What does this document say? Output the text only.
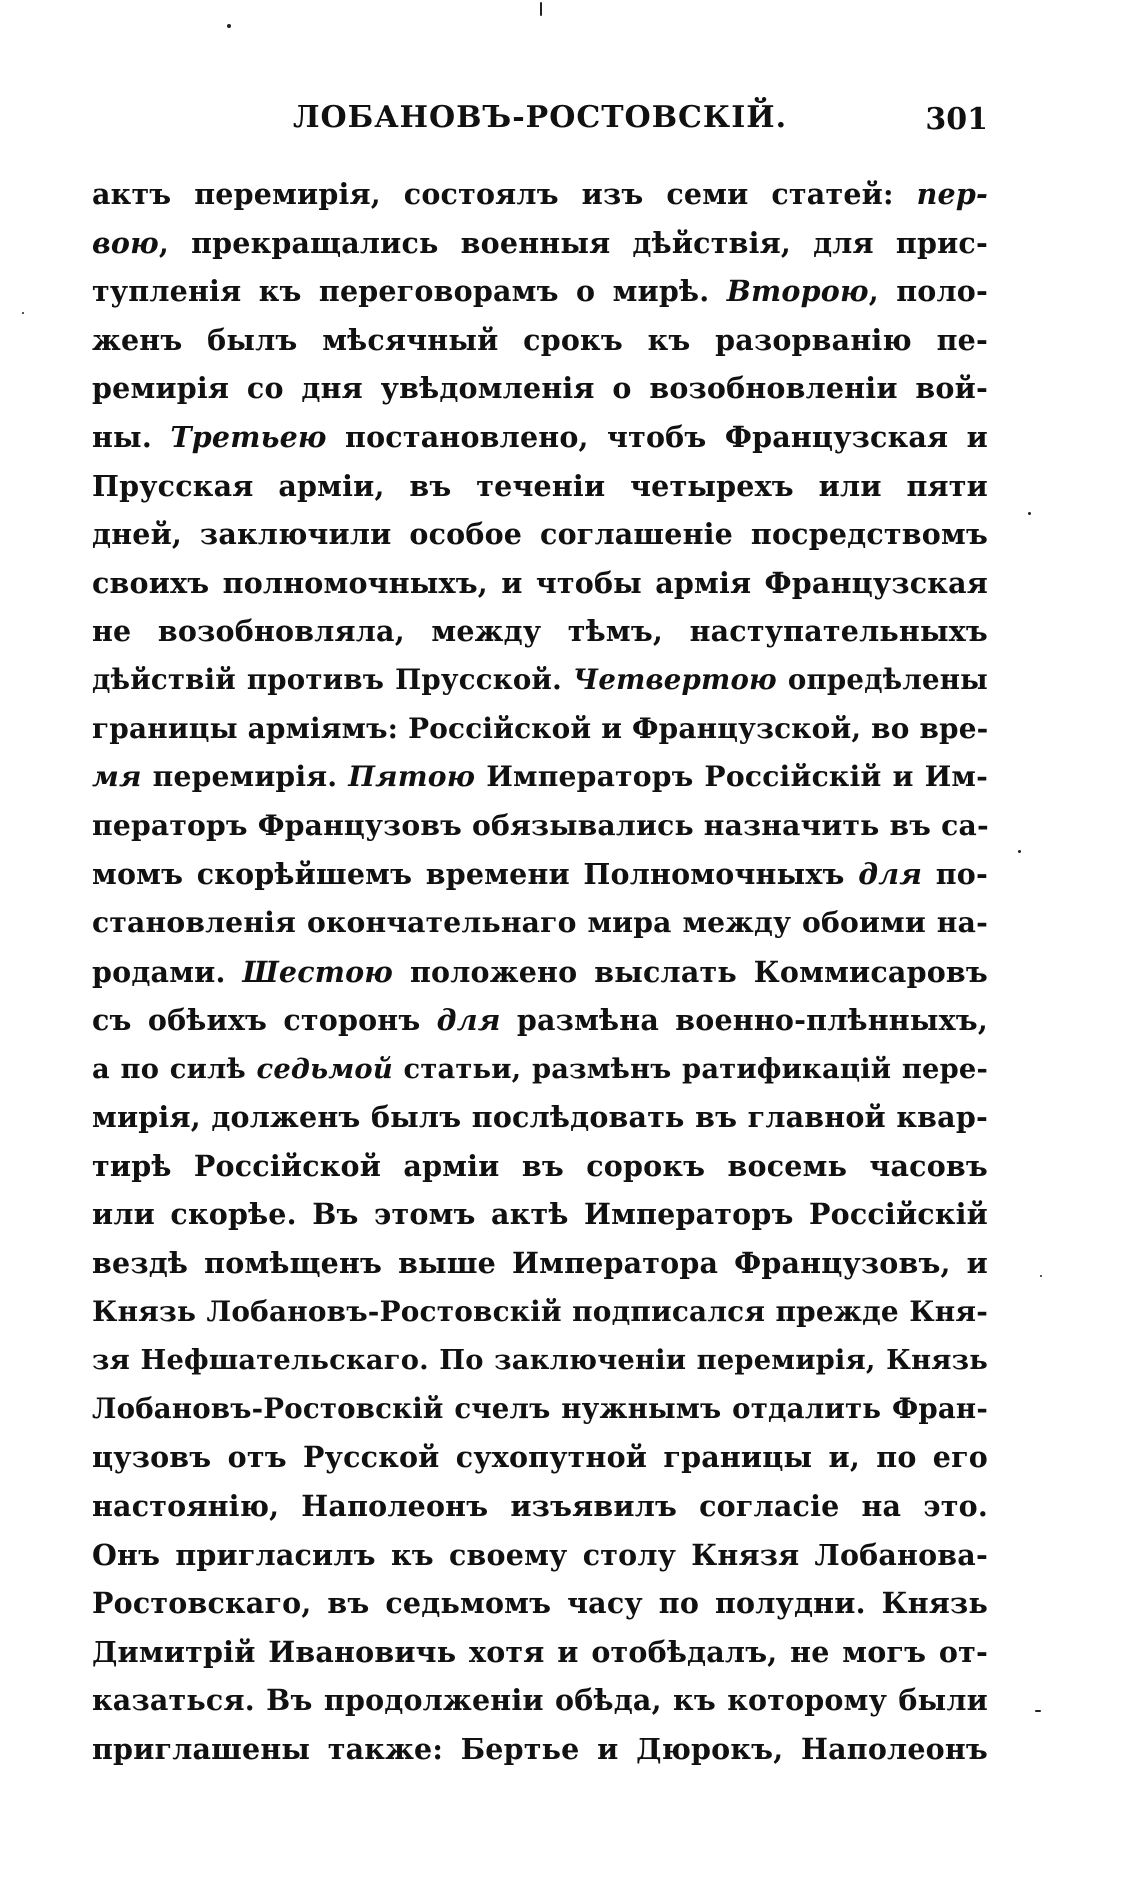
ЛОБАНОВЪ-РОСТОВСКІЙ.	301
актъ перемирія, состоялъ изъ семи статей: пер-
вою, прекращались военныя дѣйствія, для прис-
тупленія къ переговорамъ о мирѣ. Второю, поло-
женъ былъ мѣсячный срокъ къ разорванію пе-
ремирія со дня увѣдомленія о возобновленіи вой-
ны. Третьею постановлено, чтобъ Французская и
Прусская арміи, въ теченіи четырехъ или пяти
дней, заключили особое соглашеніе посредствомъ
своихъ полномочныхъ, и чтобы армія Французская
не возобновляла, между тѣмъ, наступательныхъ
дѣйствій противъ Прусской. Четвертою опредѣлены
границы арміямъ: Россійской и Французской, во вре-
мя перемирія. Пятою Императоръ Россійскій и Им-
ператоръ Французовъ обязывались назначить въ са-
момъ скорѣйшемъ времени Полномочныхъ для по-
становленія окончательнаго мира между обоими на-
родами. Шестою положено выслать Коммисаровъ
съ обѣихъ сторонъ для размѣна военно-плѣнныхъ,
а по силѣ седьмой статьи, размѣнъ ратификацій пере-
мирія, долженъ былъ послѣдовать въ главной квар-
тирѣ Россійской арміи въ сорокъ восемь часовъ
или скорѣе. Въ этомъ актѣ Императоръ Россійскій
вездѣ помѣщенъ выше Императора Французовъ, и
Князь Лобановъ-Ростовскій подписался прежде Кня-
зя Нефшательскаго. По заключеніи перемирія, Князь
Лобановъ-Ростовскій счелъ нужнымъ отдалить Фран-
цузовъ отъ Русской сухопутной границы и, по его
настоянію, Наполеонъ изъявилъ согласіе на это.
Онъ пригласилъ къ своему столу Князя Лобанова-
Ростовскаго, въ седьмомъ часу по полудни. Князь
Димитрій Ивановичь хотя и отобѣдалъ, не могъ от-
казаться. Въ продолженіи обѣда, къ которому были
приглашены также: Бертье и Дюрокъ, Наполеонъ
